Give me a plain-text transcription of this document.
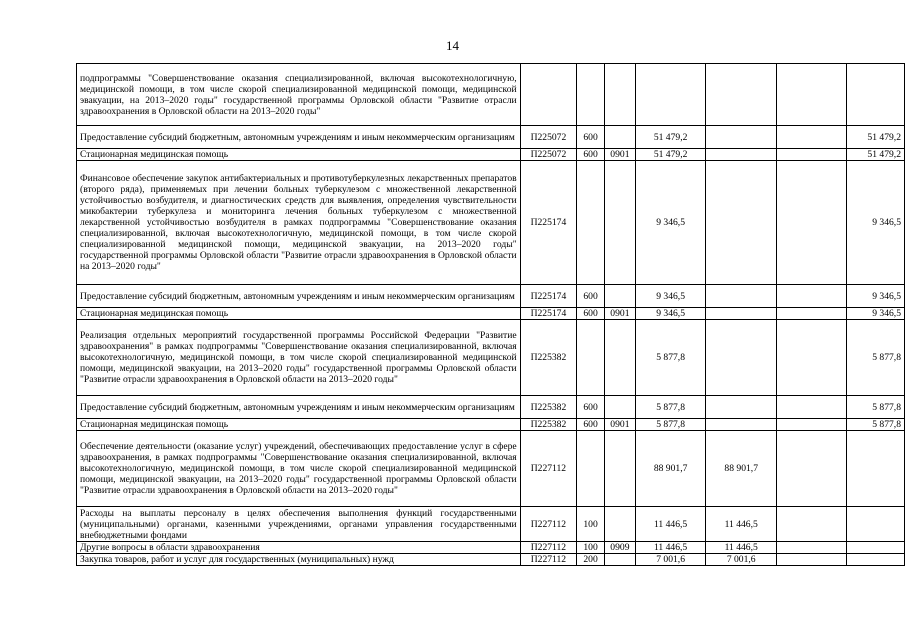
14
подпрограммы "Совершенствование оказания специализированной, включая высокотехнологичную, медицинской помощи, в том числе скорой специализированной медицинской помощи, медицинской эвакуации, на 2013–2020 годы" государственной программы Орловской области "Развитие отрасли здравоохранения в Орловской области на 2013–2020 годы"							
Предоставление субсидий бюджетным, автономным учреждениям и иным некоммерческим организациям	П225072	600		51 479,2			51 479,2
Стационарная медицинская помощь	П225072	600	0901	51 479,2			51 479,2
Финансовое обеспечение закупок антибактериальных и противотуберкулезных лекарственных препаратов (второго ряда), применяемых при лечении больных туберкулезом с множественной лекарственной устойчивостью возбудителя, и диагностических средств для выявления, определения чувствительности микобактерии туберкулеза и мониторинга лечения больных туберкулезом с множественной лекарственной устойчивостью возбудителя в рамках подпрограммы "Совершенствование оказания специализированной, включая высокотехнологичную, медицинской помощи, в том числе скорой специализированной медицинской помощи, медицинской эвакуации, на 2013–2020 годы" государственной программы Орловской области "Развитие отрасли здравоохранения в Орловской области на 2013–2020 годы"	П225174			9 346,5			9 346,5
Предоставление субсидий бюджетным, автономным учреждениям и иным некоммерческим организациям	П225174	600		9 346,5			9 346,5
Стационарная медицинская помощь	П225174	600	0901	9 346,5			9 346,5
Реализация отдельных мероприятий государственной программы Российской Федерации "Развитие здравоохранения" в рамках подпрограммы "Совершенствование оказания специализированной, включая высокотехнологичную, медицинской помощи, в том числе скорой специализированной медицинской помощи, медицинской эвакуации, на 2013–2020 годы" государственной программы Орловской области "Развитие отрасли здравоохранения в Орловской области на 2013–2020 годы"	П225382			5 877,8			5 877,8
Предоставление субсидий бюджетным, автономным учреждениям и иным некоммерческим организациям	П225382	600		5 877,8			5 877,8
Стационарная медицинская помощь	П225382	600	0901	5 877,8			5 877,8
Обеспечение деятельности (оказание услуг) учреждений, обеспечивающих предоставление услуг в сфере здравоохранения, в рамках подпрограммы "Совершенствование оказания специализированной, включая высокотехнологичную, медицинской помощи, в том числе скорой специализированной медицинской помощи, медицинской эвакуации, на 2013–2020 годы" государственной программы Орловской области "Развитие отрасли здравоохранения в Орловской области на 2013–2020 годы"	П227112			88 901,7	88 901,7		
Расходы на выплаты персоналу в целях обеспечения выполнения функций государственными (муниципальными) органами, казенными учреждениями, органами управления государственными внебюджетными фондами	П227112	100		11 446,5	11 446,5		
Другие вопросы в области здравоохранения	П227112	100	0909	11 446,5	11 446,5		
Закупка товаров, работ и услуг для государственных (муниципальных) нужд	П227112	200		7 001,6	7 001,6		
